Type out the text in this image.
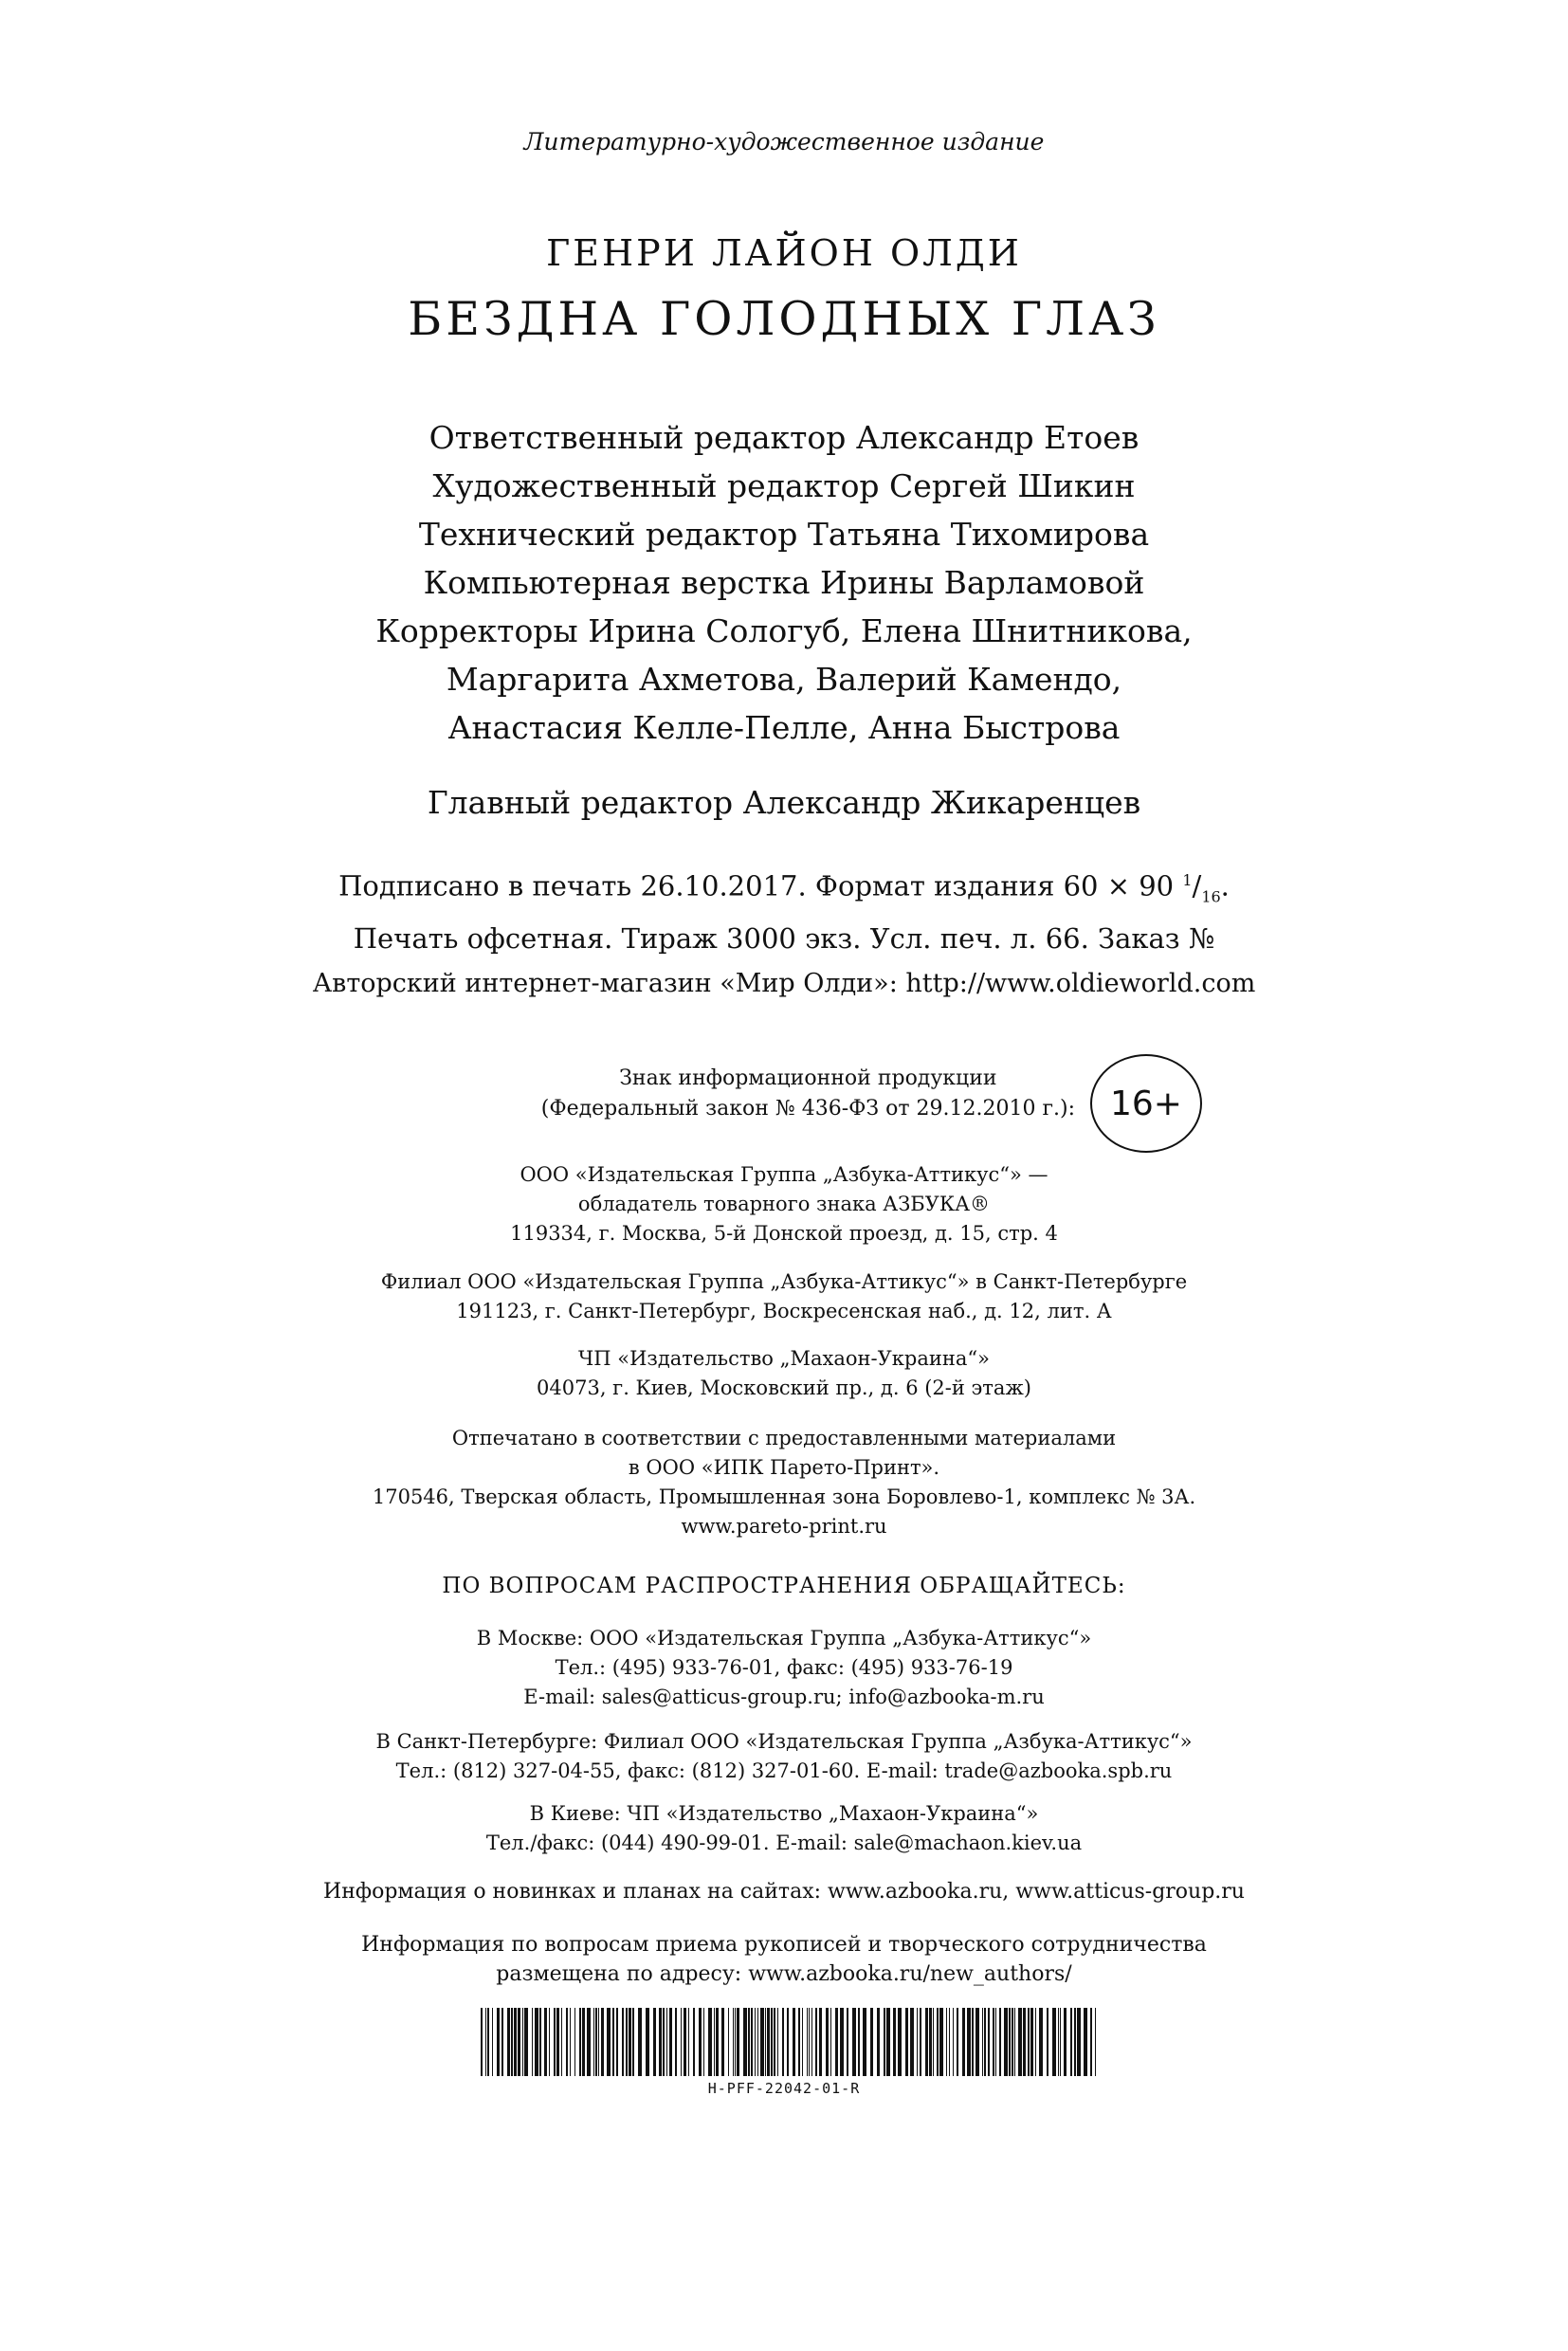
Литературно-художественное издание
ГЕНРИ ЛАЙОН ОЛДИ
БЕЗДНА ГОЛОДНЫХ ГЛАЗ
Ответственный редактор Александр Етоев
Художественный редактор Сергей Шикин
Технический редактор Татьяна Тихомирова
Компьютерная верстка Ирины Варламовой
Корректоры Ирина Сологуб, Елена Шнитникова,
Маргарита Ахметова, Валерий Камендо,
Анастасия Келле-Пелле, Анна Быстрова
Главный редактор Александр Жикаренцев
Подписано в печать 26.10.2017. Формат издания 60 × 90 $^1/_{16}$.
Печать офсетная. Тираж 3000 экз. Усл. печ. л. 66. Заказ №
Авторский интернет-магазин «Мир Олди»: http://www.oldieworld.com
Знак информационной продукции
(Федеральный закон № 436-ФЗ от 29.12.2010 г.):	16+
ООО «Издательская Группа „Азбука-Аттикус“» —
обладатель товарного знака АЗБУКА®
119334, г. Москва, 5-й Донской проезд, д. 15, стр. 4
Филиал ООО «Издательская Группа „Азбука-Аттикус“» в Санкт-Петербурге
191123, г. Санкт-Петербург, Воскресенская наб., д. 12, лит. А
ЧП «Издательство „Махаон-Украина“»
04073, г. Киев, Московский пр., д. 6 (2-й этаж)
Отпечатано в соответствии с предоставленными материалами
в ООО «ИПК Парето-Принт».
170546, Тверская область, Промышленная зона Боровлево-1, комплекс № 3А.
www.pareto-print.ru
ПО ВОПРОСАМ РАСПРОСТРАНЕНИЯ ОБРАЩАЙТЕСЬ:
В Москве: ООО «Издательская Группа „Азбука-Аттикус“»
Тел.: (495) 933-76-01, факс: (495) 933-76-19
E-mail: sales@atticus-group.ru; info@azbooka-m.ru
В Санкт-Петербурге: Филиал ООО «Издательская Группа „Азбука-Аттикус“»
Тел.: (812) 327-04-55, факс: (812) 327-01-60. E-mail: trade@azbooka.spb.ru
В Киеве: ЧП «Издательство „Махаон-Украина“»
Тел./факс: (044) 490-99-01. E-mail: sale@machaon.kiev.ua
Информация о новинках и планах на сайтах: www.azbooka.ru, www.atticus-group.ru
Информация по вопросам приема рукописей и творческого сотрудничества
размещена по адресу: www.azbooka.ru/new_authors/
H-PFF-22042-01-R
